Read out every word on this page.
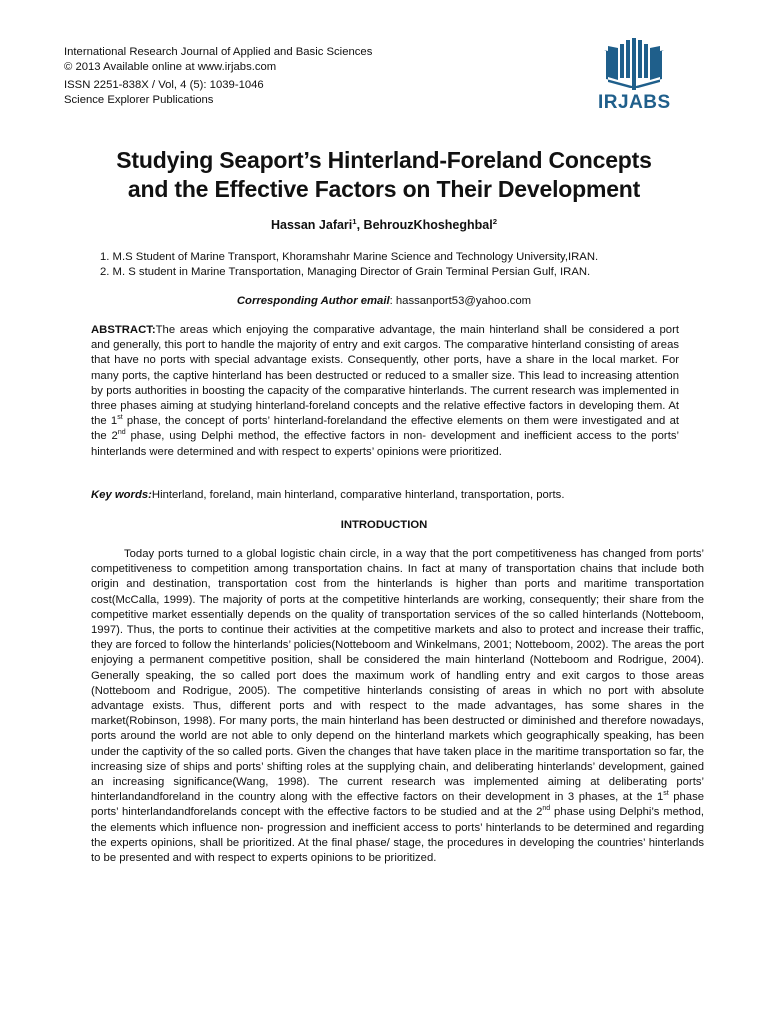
International Research Journal of Applied and Basic Sciences
© 2013 Available online at www.irjabs.com
ISSN 2251-838X / Vol, 4 (5): 1039-1046
Science Explorer Publications	IRJABS
Studying Seaport’s Hinterland-Foreland Concepts
and the Effective Factors on Their Development
Hassan Jafari$^1$, BehrouzKhosheghbal$^2$
1. M.S Student of Marine Transport, Khoramshahr Marine Science and Technology University,IRAN.
2. M. S student in Marine Transportation, Managing Director of Grain Terminal Persian Gulf, IRAN.
Corresponding Author email: hassanport53@yahoo.com
ABSTRACT:The areas which enjoying the comparative advantage, the main hinterland shall be considered a port and generally, this port to handle the majority of entry and exit cargos. The comparative hinterland consisting of areas that have no ports with special advantage exists. Consequently, other ports, have a share in the local market. For many ports, the captive hinterland has been destructed or reduced to a smaller size. This lead to increasing attention by ports authorities in boosting the capacity of the comparative hinterlands. The current research was implemented in three phases aiming at studying hinterland-foreland concepts and the relative effective factors in developing them. At the 1st phase, the concept of ports’ hinterland-forelandand the effective elements on them were investigated and at the 2nd phase, using Delphi method, the effective factors in non- development and inefficient access to the ports’ hinterlands were determined and with respect to experts’ opinions were prioritized.
Key words:Hinterland, foreland, main hinterland, comparative hinterland, transportation, ports.
INTRODUCTION
Today ports turned to a global logistic chain circle, in a way that the port competitiveness has changed from ports’ competitiveness to competition among transportation chains. In fact at many of transportation chains that include both origin and destination, transportation cost from the hinterlands is higher than ports and maritime transportation cost(McCalla, 1999). The majority of ports at the competitive hinterlands are working, consequently; their share from the competitive market essentially depends on the quality of transportation services of the so called hinterlands (Notteboom, 1997). Thus, the ports to continue their activities at the competitive markets and also to protect and increase their traffic, they are forced to follow the hinterlands’ policies(Notteboom and Winkelmans, 2001; Notteboom, 2002). The areas the port enjoying a permanent competitive position, shall be considered the main hinterland (Notteboom and Rodrigue, 2004). Generally speaking, the so called port does the maximum work of handling entry and exit cargos to those areas (Notteboom and Rodrigue, 2005). The competitive hinterlands consisting of areas in which no port with absolute advantage exists. Thus, different ports and with respect to the made advantages, has some shares in the market(Robinson, 1998). For many ports, the main hinterland has been destructed or diminished and therefore nowadays, ports around the world are not able to only depend on the hinterland markets which geographically speaking, has been under the captivity of the so called ports. Given the changes that have taken place in the maritime transportation so far, the increasing size of ships and ports’ shifting roles at the supplying chain, and deliberating hinterlands’ development, gained an increasing significance(Wang, 1998). The current research was implemented aiming at deliberating ports’ hinterlandandforeland in the country along with the effective factors on their development in 3 phases, at the 1st phase ports’ hinterlandandforelands concept with the effective factors to be studied and at the 2nd phase using Delphi’s method, the elements which influence non- progression and inefficient access to ports’ hinterlands to be determined and regarding the experts opinions, shall be prioritized. At the final phase/ stage, the procedures in developing the countries’ hinterlands to be presented and with respect to experts opinions to be prioritized.
